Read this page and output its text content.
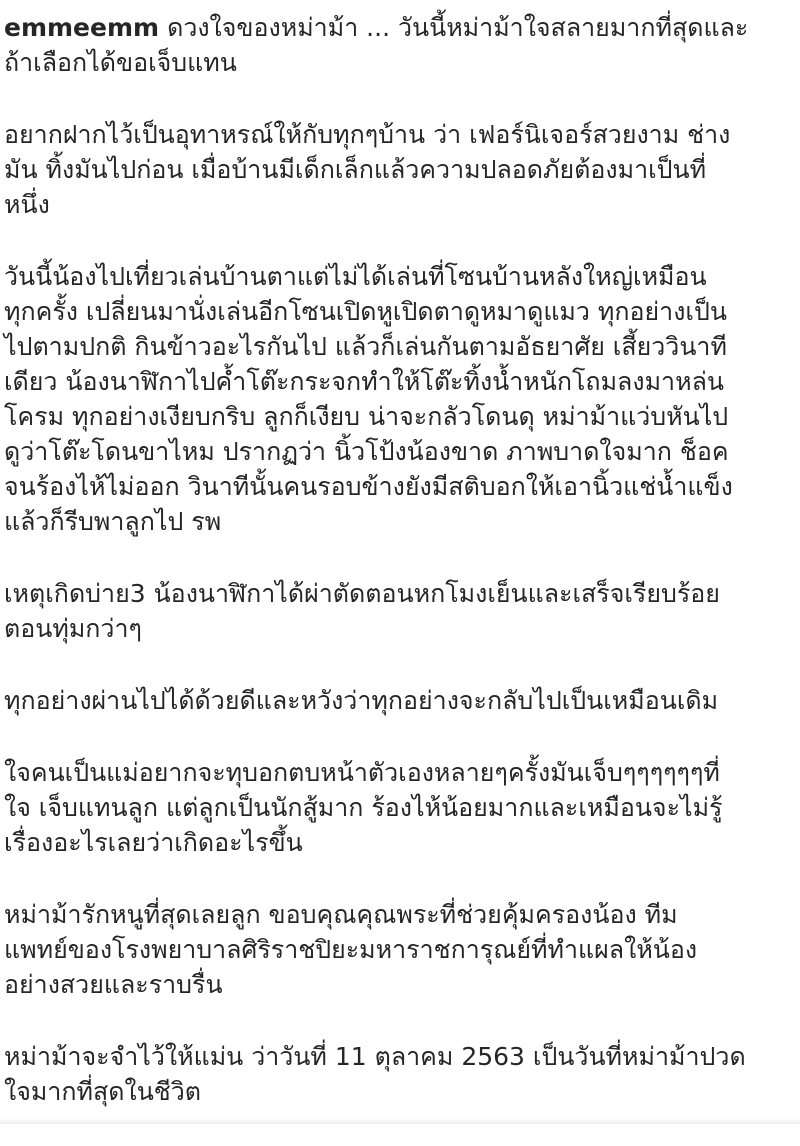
emmeemm ดวงใจของหม่าม้า ... วันนี้หม่าม้าใจสลายมากที่สุดและ
ถ้าเลือกได้ขอเจ็บแทน
อยากฝากไว้เป็นอุทาหรณ์ให้กับทุกๆบ้าน ว่า เฟอร์นิเจอร์สวยงาม ช่าง
มัน ทิ้งมันไปก่อน เมื่อบ้านมีเด็กเล็กแล้วความปลอดภัยต้องมาเป็นที่
หนึ่ง
วันนี้น้องไปเที่ยวเล่นบ้านตาแต่ไม่ได้เล่นที่โซนบ้านหลังใหญ่เหมือน
ทุกครั้ง เปลี่ยนมานั่งเล่นอีกโซนเปิดหูเปิดตาดูหมาดูแมว ทุกอย่างเป็น
ไปตามปกติ กินข้าวอะไรกันไป แล้วก็เล่นกันตามอัธยาศัย เสี้ยววินาที
เดียว น้องนาฬิกาไปค้ำโต๊ะกระจกทำให้โต๊ะทิ้งน้ำหนักโถมลงมาหล่น
โครม ทุกอย่างเงียบกริบ ลูกก็เงียบ น่าจะกลัวโดนดุ หม่าม้าแว่บหันไป
ดูว่าโต๊ะโดนขาไหม ปรากฏว่า นิ้วโป้งน้องขาด ภาพบาดใจมาก ช็อค
จนร้องไห้ไม่ออก วินาทีนั้นคนรอบข้างยังมีสติบอกให้เอานิ้วแช่น้ำแข็ง
แล้วก็รีบพาลูกไป รพ
เหตุเกิดบ่าย3 น้องนาฬิกาได้ผ่าตัดตอนหกโมงเย็นและเสร็จเรียบร้อย
ตอนทุ่มกว่าๆ
ทุกอย่างผ่านไปได้ด้วยดีและหวังว่าทุกอย่างจะกลับไปเป็นเหมือนเดิม
ใจคนเป็นแม่อยากจะทุบอกตบหน้าตัวเองหลายๆครั้งมันเจ็บๆๆๆๆๆๆที่
ใจ เจ็บแทนลูก แต่ลูกเป็นนักสู้มาก ร้องไห้น้อยมากและเหมือนจะไม่รู้
เรื่องอะไรเลยว่าเกิดอะไรขึ้น
หม่าม้ารักหนูที่สุดเลยลูก ขอบคุณคุณพระที่ช่วยคุ้มครองน้อง ทีม
แพทย์ของโรงพยาบาลศิริราชปิยะมหาราชการุณย์ที่ทำแผลให้น้อง
อย่างสวยและราบรื่น
หม่าม้าจะจำไว้ให้แม่น ว่าวันที่ 11 ตุลาคม 2563 เป็นวันที่หม่าม้าปวด
ใจมากที่สุดในชีวิต
